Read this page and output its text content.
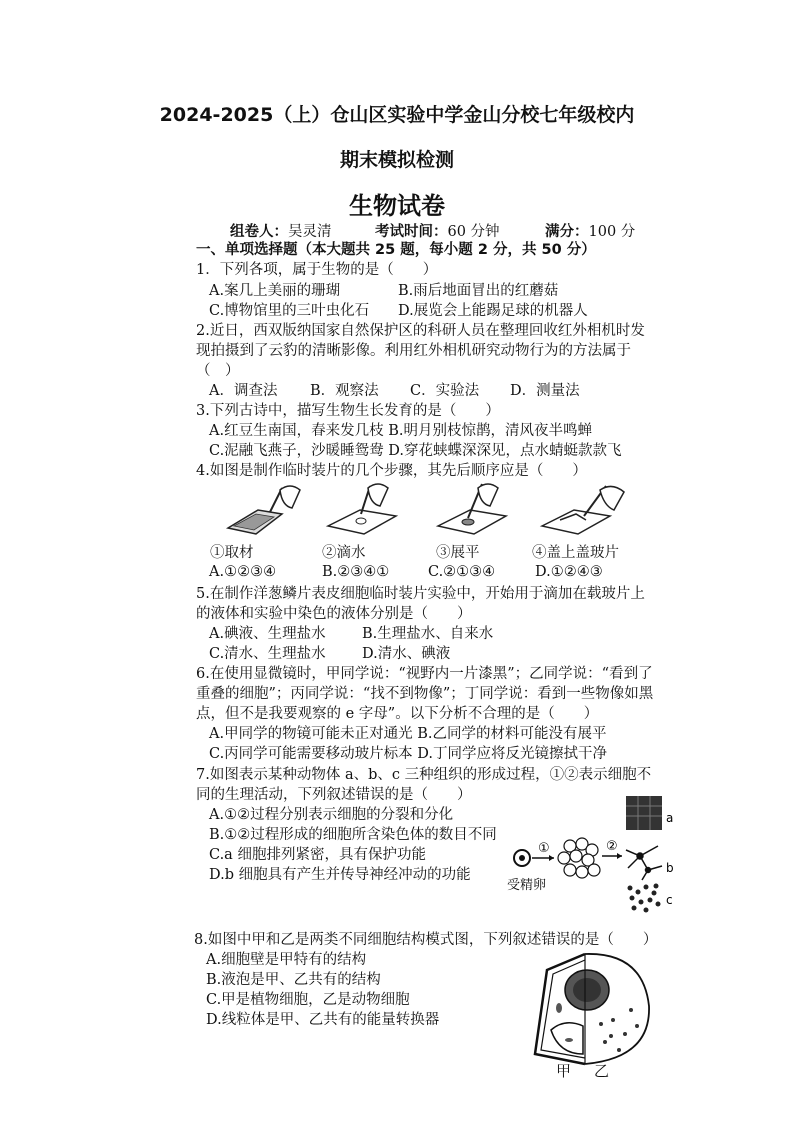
2024-2025（上）仓山区实验中学金山分校七年级校内
期末模拟检测
生物试卷
组卷人：吴灵清	考试时间：60 分钟	满分：100 分
一、单项选择题（本大题共 25 题，每小题 2 分，共 50 分）
1．下列各项，属于生物的是（　　）
A.案几上美丽的珊瑚	B.雨后地面冒出的红蘑菇
C.博物馆里的三叶虫化石 D.展览会上能踢足球的机器人
2.近日，西双版纳国家自然保护区的科研人员在整理回收红外相机时发
现拍摄到了云豹的清晰影像。利用红外相机研究动物行为的方法属于
（　）
A．调查法 B．观察法 C．实验法 D．测量法
3.下列古诗中，描写生物生长发育的是（　　）
A.红豆生南国，春来发几枝 B.明月别枝惊鹊，清风夜半鸣蝉
C.泥融飞燕子，沙暖睡鸳鸯 D.穿花蛱蝶深深见，点水蜻蜓款款飞
4.如图是制作临时装片的几个步骤，其先后顺序应是（　　）
①取材	②滴水	③展平	④盖上盖玻片
A.①②③④	B.②③④①	C.②①③④	D.①②④③
5.在制作洋葱鳞片表皮细胞临时装片实验中，开始用于滴加在载玻片上
的液体和实验中染色的液体分别是（　　）
A.碘液、生理盐水	B.生理盐水、自来水
C.清水、生理盐水	D.清水、碘液
6.在使用显微镜时，甲同学说：“视野内一片漆黑”；乙同学说：“看到了
重叠的细胞”；丙同学说：“找不到物像”；丁同学说：看到一些物像如黑
点，但不是我要观察的 e 字母”。以下分析不合理的是（　　）
A.甲同学的物镜可能未正对通光 B.乙同学的材料可能没有展平
C.丙同学可能需要移动玻片标本 D.丁同学应将反光镜擦拭干净
7.如图表示某种动物体 a、b、c 三种组织的形成过程，①②表示细胞不
同的生理活动，下列叙述错误的是（　　）
A.①②过程分别表示细胞的分裂和分化
B.①②过程形成的细胞所含染色体的数目不同
C.a 细胞排列紧密，具有保护功能
D.b 细胞具有产生并传导神经冲动的功能
①	②
a
b
c
受精卵
8.如图中甲和乙是两类不同细胞结构模式图，下列叙述错误的是（　　）
A.细胞壁是甲特有的结构
B.液泡是甲、乙共有的结构
C.甲是植物细胞，乙是动物细胞
D.线粒体是甲、乙共有的能量转换器
甲 乙
